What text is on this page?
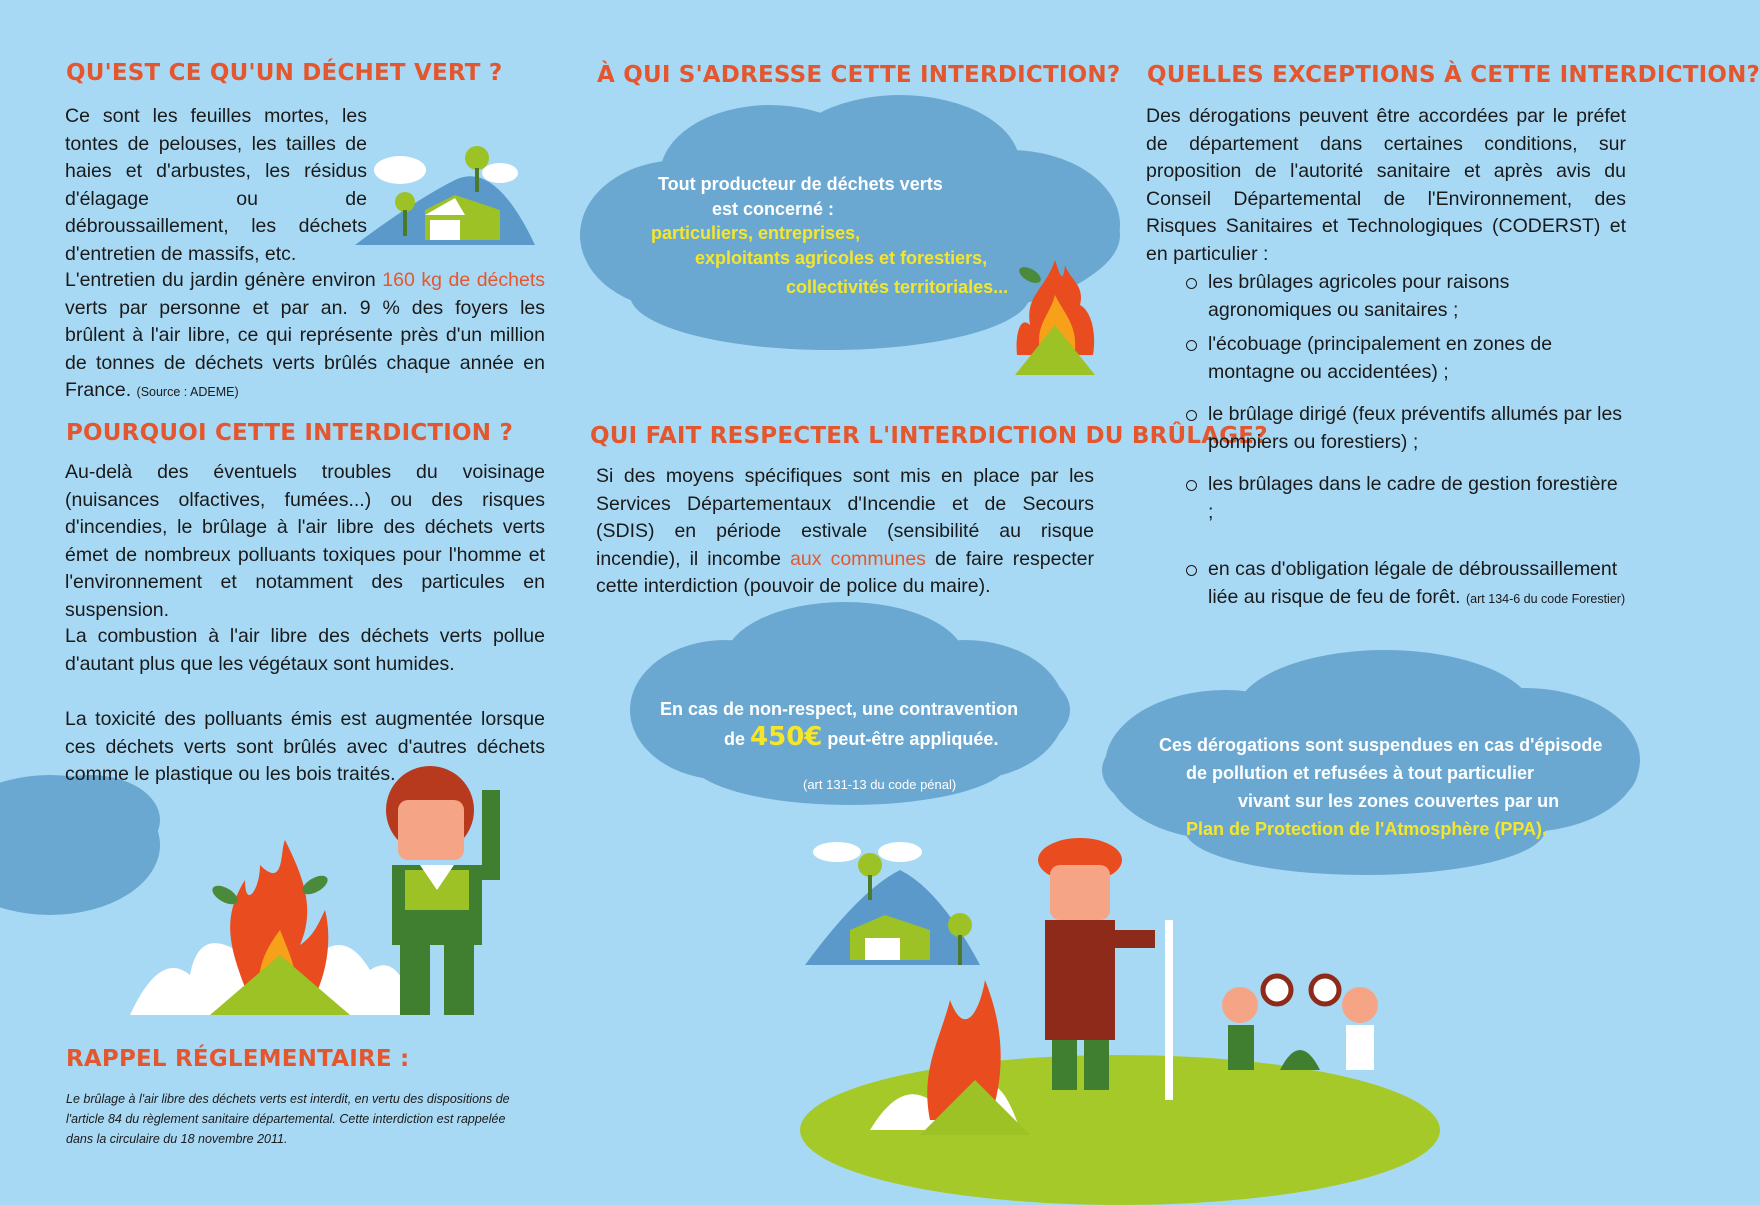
QU'EST CE QU'UN DÉCHET VERT ?
Ce sont les feuilles mortes, les tontes de pelouses, les tailles de haies et d'arbustes, les résidus d'élagage ou de débroussaillement, les déchets d'entretien de massifs, etc.
L'entretien du jardin génère environ 160 kg de déchets verts par personne et par an. 9 % des foyers les brûlent à l'air libre, ce qui représente près d'un million de tonnes de déchets verts brûlés chaque année en France. (Source : ADEME)
POURQUOI CETTE INTERDICTION ?
Au-delà des éventuels troubles du voisinage (nuisances olfactives, fumées...) ou des risques d'incendies, le brûlage à l'air libre des déchets verts émet de nombreux polluants toxiques pour l'homme et l'environnement et notamment des particules en suspension.
La combustion à l'air libre des déchets verts pollue d'autant plus que les végétaux sont humides.
La toxicité des polluants émis est augmentée lorsque ces déchets verts sont brûlés avec d'autres déchets comme le plastique ou les bois traités.
RAPPEL RÉGLEMENTAIRE :
Le brûlage à l'air libre des déchets verts est interdit, en vertu des dispositions de
l'article 84 du règlement sanitaire départemental. Cette interdiction est rappelée
dans la circulaire du 18 novembre 2011.
À QUI S'ADRESSE CETTE INTERDICTION?
Tout producteur de déchets verts
est concerné :
particuliers, entreprises,
exploitants agricoles et forestiers,
collectivités territoriales...
QUI FAIT RESPECTER L'INTERDICTION DU BRÛLAGE?
Si des moyens spécifiques sont mis en place par les Services Départementaux d'Incendie et de Secours (SDIS) en période estivale (sensibilité au risque incendie), il incombe aux communes de faire respecter cette interdiction (pouvoir de police du maire).
En cas de non-respect, une contravention
de 450€ peut-être appliquée.
(art 131-13 du code pénal)
QUELLES EXCEPTIONS À CETTE INTERDICTION?
Des dérogations peuvent être accordées par le préfet de département dans certaines conditions, sur proposition de l'autorité sanitaire et après avis du Conseil Départemental de l'Environnement, des Risques Sanitaires et Technologiques (CODERST) et en particulier :
les brûlages agricoles pour raisons agronomiques ou sanitaires ;
l'écobuage (principalement en zones de montagne ou accidentées) ;
le brûlage dirigé (feux préventifs allumés par les pompiers ou forestiers) ;
les brûlages dans le cadre de gestion forestière ;
en cas d'obligation légale de débroussaillement liée au risque de feu de forêt. (art 134-6 du code Forestier)
Ces dérogations sont suspendues en cas d'épisode
de pollution et refusées à tout particulier
vivant sur les zones couvertes par un
Plan de Protection de l'Atmosphère (PPA).
